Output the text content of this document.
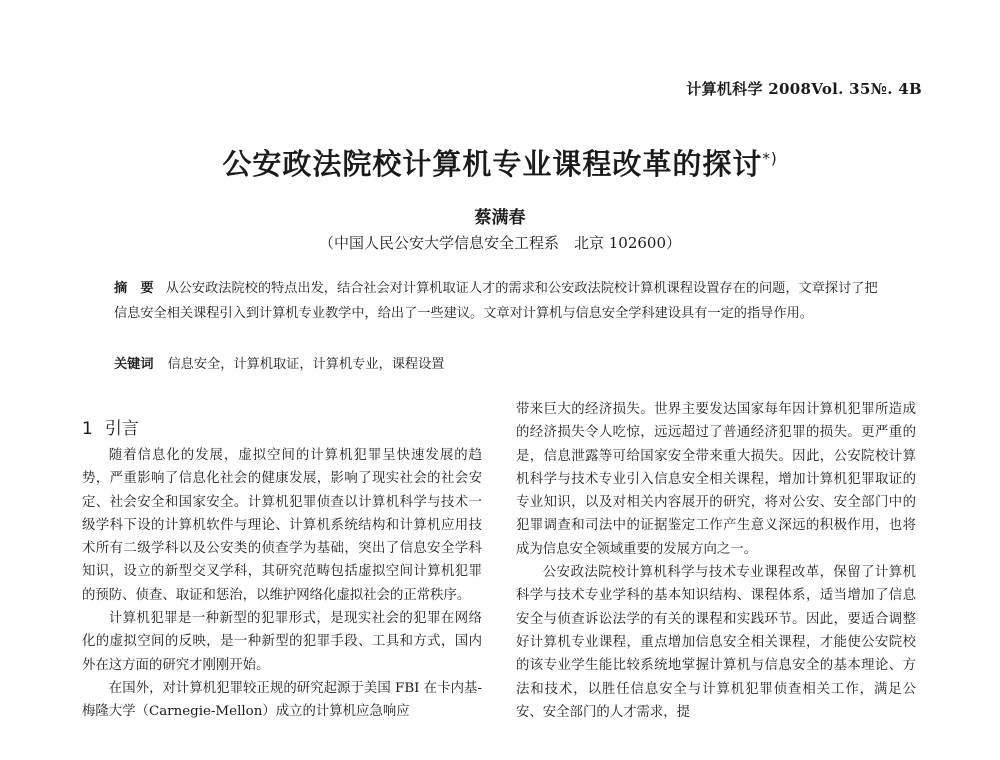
计算机科学 2008Vol. 35№. 4B
公安政法院校计算机专业课程改革的探讨*)
蔡满春
（中国人民公安大学信息安全工程系　北京 102600）
摘　要 从公安政法院校的特点出发，结合社会对计算机取证人才的需求和公安政法院校计算机课程设置存在的问题，文章探讨了把信息安全相关课程引入到计算机专业教学中，给出了一些建议。文章对计算机与信息安全学科建设具有一定的指导作用。
关键词 信息安全，计算机取证，计算机专业，课程设置
1 引言

随着信息化的发展，虚拟空间的计算机犯罪呈快速发展的趋势，严重影响了信息化社会的健康发展，影响了现实社会的社会安定、社会安全和国家安全。计算机犯罪侦查以计算机科学与技术一级学科下设的计算机软件与理论、计算机系统结构和计算机应用技术所有二级学科以及公安类的侦查学为基础，突出了信息安全学科知识，设立的新型交叉学科，其研究范畴包括虚拟空间计算机犯罪的预防、侦查、取证和惩治，以维护网络化虚拟社会的正常秩序。

计算机犯罪是一种新型的犯罪形式，是现实社会的犯罪在网络化的虚拟空间的反映，是一种新型的犯罪手段、工具和方式，国内外在这方面的研究才刚刚开始。

在国外，对计算机犯罪较正规的研究起源于美国 FBI 在卡内基-梅隆大学（Carnegie-Mellon）成立的计算机应急响应

带来巨大的经济损失。世界主要发达国家每年因计算机犯罪所造成的经济损失令人吃惊，远远超过了普通经济犯罪的损失。更严重的是，信息泄露等可给国家安全带来重大损失。因此，公安院校计算机科学与技术专业引入信息安全相关课程，增加计算机犯罪取证的专业知识，以及对相关内容展开的研究，将对公安、安全部门中的犯罪调查和司法中的证据鉴定工作产生意义深远的积极作用，也将成为信息安全领域重要的发展方向之一。

公安政法院校计算机科学与技术专业课程改革，保留了计算机科学与技术专业学科的基本知识结构、课程体系，适当增加了信息安全与侦查诉讼法学的有关的课程和实践环节。因此，要适合调整好计算机专业课程，重点增加信息安全相关课程，才能使公安院校的该专业学生能比较系统地掌握计算机与信息安全的基本理论、方法和技术，以胜任信息安全与计算机犯罪侦查相关工作，满足公安、安全部门的人才需求，提
